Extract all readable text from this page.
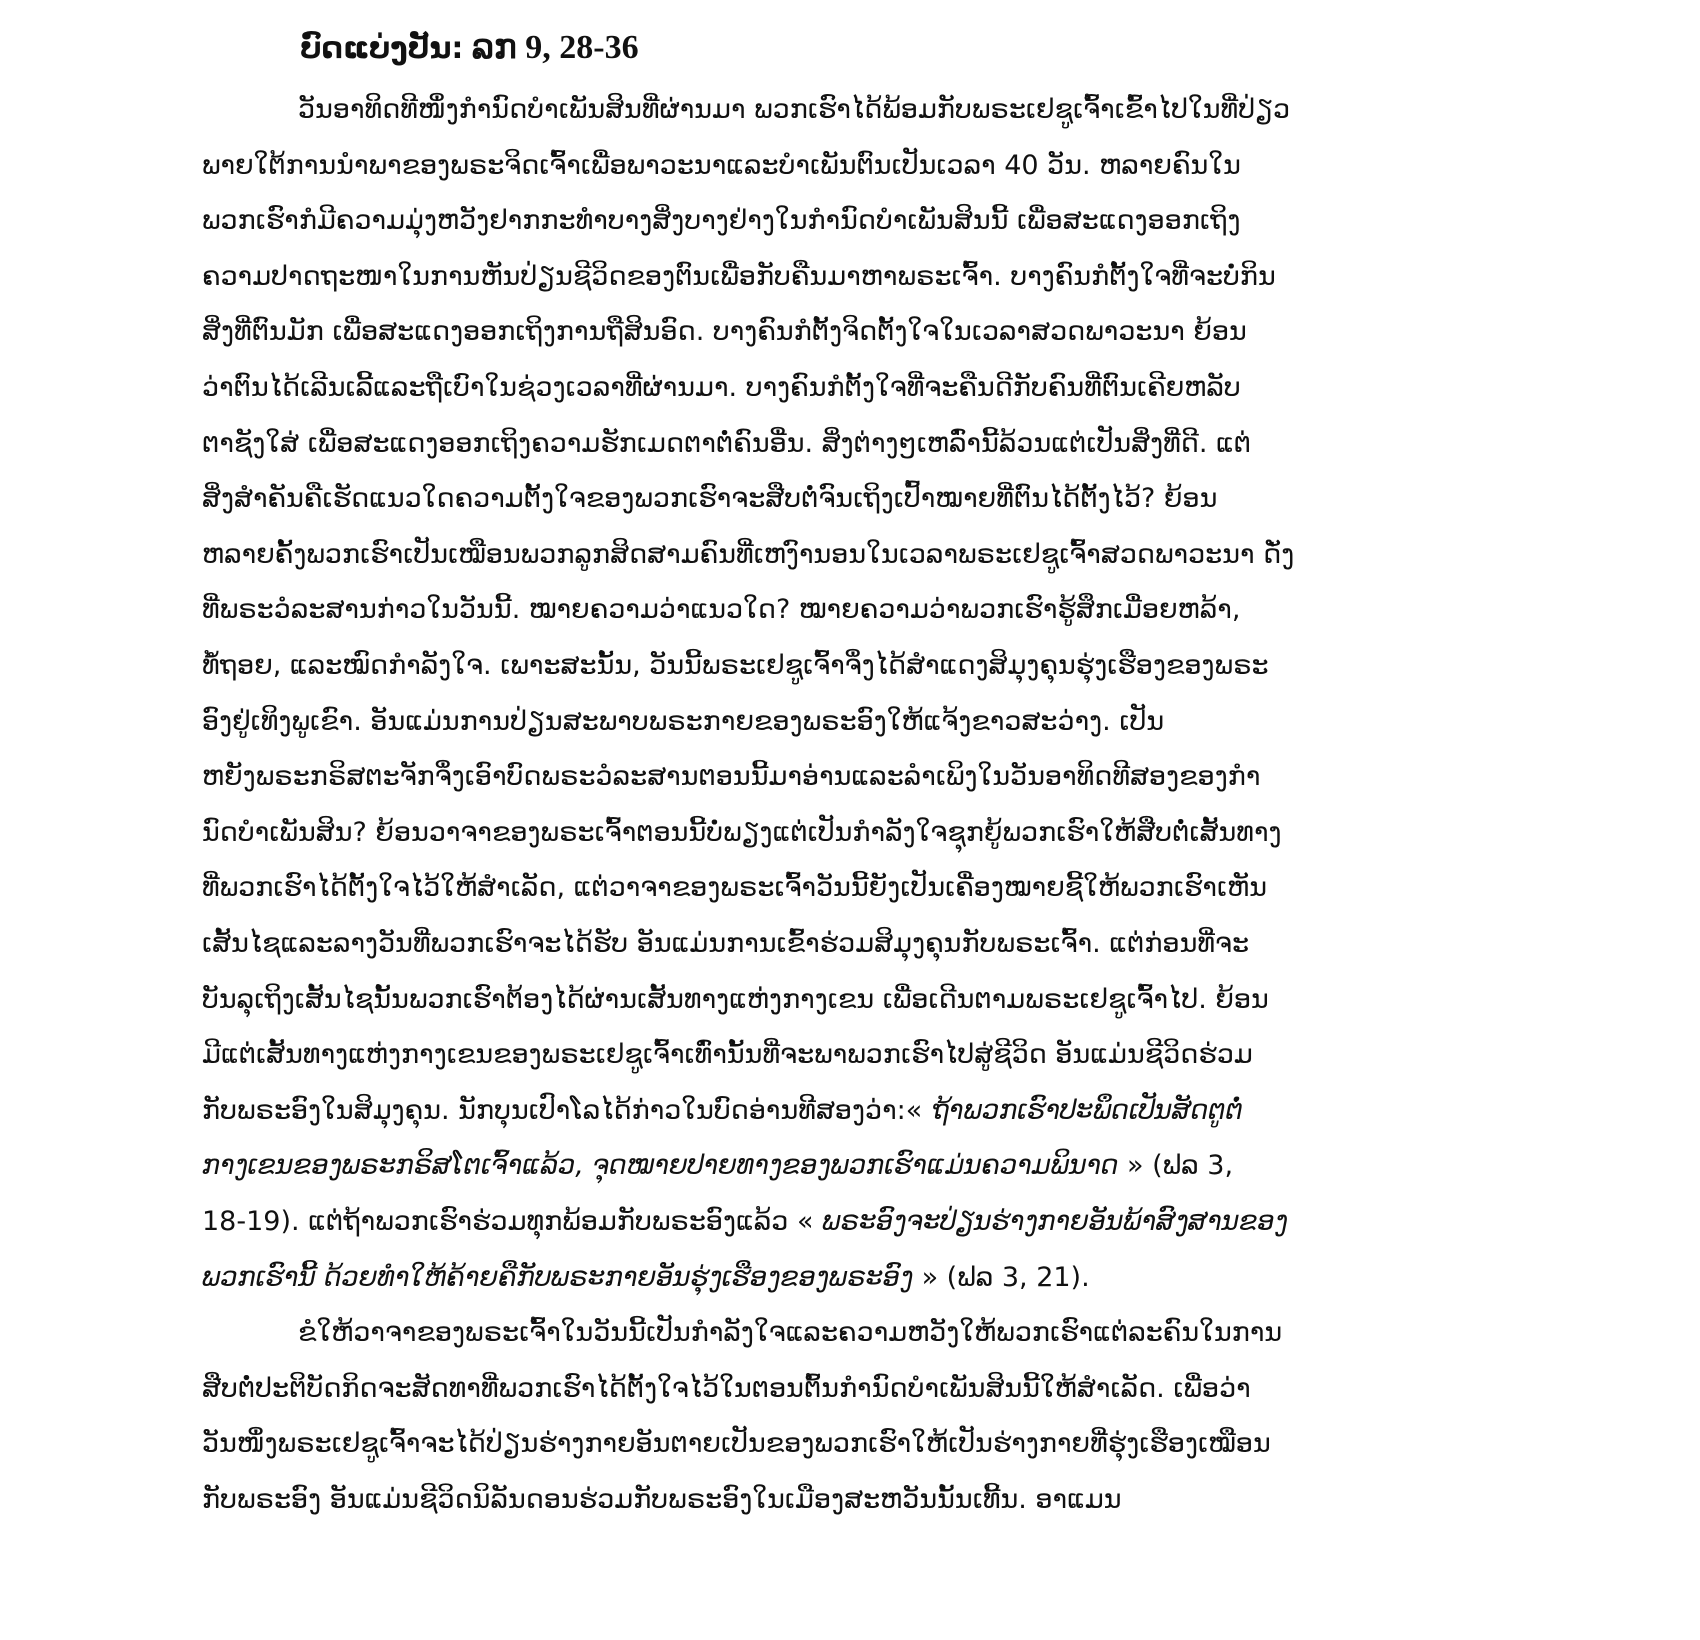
ບົດແບ່ງປັນ: ລກ 9, 28-36
ວັນອາທິດທີໜຶ່ງກຳນົດບຳເພັນສິນທີ່ຜ່ານມາ ພວກເຮົາໄດ້ພ້ອມກັບພຣະເຢຊູເຈົ້າເຂົ້າໄປໃນທີ່ປ່ຽວ
ພາຍໃຕ້ການນຳພາຂອງພຣະຈິດເຈົ້າເພື່ອພາວະນາແລະບຳເພັນຕົນເປັນເວລາ 40 ວັນ. ຫລາຍຄົນໃນ
ພວກເຮົາກໍມີຄວາມມຸ່ງຫວັງຢາກກະທຳບາງສິ່ງບາງຢ່າງໃນກຳນົດບຳເພັນສິນນີ້ ເພື່ອສະແດງອອກເຖິງ
ຄວາມປາດຖະໜາໃນການຫັນປ່ຽນຊີວິດຂອງຕົນເພື່ອກັບຄືນມາຫາພຣະເຈົ້າ. ບາງຄົນກໍຕັ້ງໃຈທີ່ຈະບໍ່ກິນ
ສິ່ງທີ່ຕົນມັກ ເພື່ອສະແດງອອກເຖິງການຖືສິນອົດ. ບາງຄົນກໍຕັ້ງຈິດຕັ້ງໃຈໃນເວລາສວດພາວະນາ ຍ້ອນ
ວ່າຕົນໄດ້ເລີນເລີ້ແລະຖືເບົາໃນຊ່ວງເວລາທີ່ຜ່ານມາ. ບາງຄົນກໍຕັ້ງໃຈທີ່ຈະຄືນດີກັບຄົນທີ່ຕົນເຄີຍຫລັບ
ຕາຊັງໃສ່ ເພື່ອສະແດງອອກເຖິງຄວາມຮັກເມດຕາຕໍ່ຄົນອື່ນ. ສິ່ງຕ່າງໆເຫລົ່ານີ້ລ້ວນແຕ່ເປັນສິ່ງທີ່ດີ. ແຕ່
ສິ່ງສຳຄັນຄືເຮັດແນວໃດຄວາມຕັ້ງໃຈຂອງພວກເຮົາຈະສືບຕໍ່ຈົນເຖິງເປົ້າໝາຍທີ່ຕົນໄດ້ຕັ້ງໄວ້? ຍ້ອນ
ຫລາຍຄັ້ງພວກເຮົາເປັນເໝືອນພວກລູກສິດສາມຄົນທີ່ເຫງົານອນໃນເວລາພຣະເຢຊູເຈົ້າສວດພາວະນາ ດັ່ງ
ທີ່ພຣະວໍລະສານກ່າວໃນວັນນີ້. ໝາຍຄວາມວ່າແນວໃດ? ໝາຍຄວາມວ່າພວກເຮົາຮູ້ສຶກເມື່ອຍຫລ້າ,
ທໍ້ຖອຍ, ແລະໝົດກຳລັງໃຈ. ເພາະສະນັ້ນ, ວັນນີ້ພຣະເຢຊູເຈົ້າຈຶ່ງໄດ້ສຳແດງສິມຸງຄຸນຮຸ່ງເຮືອງຂອງພຣະ
ອົງຢູ່ເທິງພູເຂົາ. ອັນແມ່ນການປ່ຽນສະພາບພຣະກາຍຂອງພຣະອົງໃຫ້ແຈ້ງຂາວສະວ່າງ. ເປັນ
ຫຍັງພຣະກຣິສຕະຈັກຈຶ່ງເອົາບົດພຣະວໍລະສານຕອນນີ້ມາອ່ານແລະລຳເພິງໃນວັນອາທິດທີສອງຂອງກຳ
ນົດບຳເພັນສິນ? ຍ້ອນວາຈາຂອງພຣະເຈົ້າຕອນນີ້ບໍ່ພຽງແຕ່ເປັນກຳລັງໃຈຊຸກຍູ້ພວກເຮົາໃຫ້ສືບຕໍ່ເສັ້ນທາງ
ທີ່ພວກເຮົາໄດ້ຕັ້ງໃຈໄວ້ໃຫ້ສຳເລັດ, ແຕ່ວາຈາຂອງພຣະເຈົ້າວັນນີ້ຍັງເປັນເຄື່ອງໝາຍຊີ້ໃຫ້ພວກເຮົາເຫັນ
ເສັ້ນໄຊແລະລາງວັນທີ່ພວກເຮົາຈະໄດ້ຮັບ ອັນແມ່ນການເຂົ້າຮ່ວມສິມຸງຄຸນກັບພຣະເຈົ້າ. ແຕ່ກ່ອນທີ່ຈະ
ບັນລຸເຖິງເສັ້ນໄຊນັ້ນພວກເຮົາຕ້ອງໄດ້ຜ່ານເສັ້ນທາງແຫ່ງກາງເຂນ ເພື່ອເດີນຕາມພຣະເຢຊູເຈົ້າໄປ. ຍ້ອນ
ມີແຕ່ເສັ້ນທາງແຫ່ງກາງເຂນຂອງພຣະເຢຊູເຈົ້າເທົ່ານັ້ນທີ່ຈະພາພວກເຮົາໄປສູ່ຊີວິດ ອັນແມ່ນຊີວິດຮ່ວມ
ກັບພຣະອົງໃນສິມຸງຄຸນ. ນັກບຸນເປົາໂລໄດ້ກ່າວໃນບົດອ່ານທີສອງວ່າ:« ຖ້າພວກເຮົາປະພຶດເປັນສັດຕູຕໍ່
ກາງເຂນຂອງພຣະກຣິສໂຕເຈົ້າແລ້ວ, ຈຸດໝາຍປາຍທາງຂອງພວກເຮົາແມ່ນຄວາມພິນາດ » (ຟລ 3,
18-19). ແຕ່ຖ້າພວກເຮົາຮ່ວມທຸກພ້ອມກັບພຣະອົງແລ້ວ « ພຣະອົງຈະປ່ຽນຮ່າງກາຍອັນພ້າສົງສານຂອງ
ພວກເຮົານີ້ ດ້ວຍທຳໃຫ້ຄ້າຍຄືກັບພຣະກາຍອັນຮຸ່ງເຮືອງຂອງພຣະອົງ » (ຟລ 3, 21).
ຂໍໃຫ້ວາຈາຂອງພຣະເຈົ້າໃນວັນນີ້ເປັນກຳລັງໃຈແລະຄວາມຫວັງໃຫ້ພວກເຮົາແຕ່ລະຄົນໃນການ
ສືບຕໍ່ປະຕິບັດກິດຈະສັດທາທີ່ພວກເຮົາໄດ້ຕັ້ງໃຈໄວ້ໃນຕອນຕົ້ນກຳນົດບຳເພັນສິນນີ້ໃຫ້ສຳເລັດ. ເພື່ອວ່າ
ວັນໜຶ່ງພຣະເຢຊູເຈົ້າຈະໄດ້ປ່ຽນຮ່າງກາຍອັນຕາຍເປັນຂອງພວກເຮົາໃຫ້ເປັນຮ່າງກາຍທີ່ຮຸ່ງເຮືອງເໝືອນ
ກັບພຣະອົງ ອັນແມ່ນຊີວິດນິລັນດອນຮ່ວມກັບພຣະອົງໃນເມືອງສະຫວັນນັ້ນເທີ້ນ. ອາແມນ
